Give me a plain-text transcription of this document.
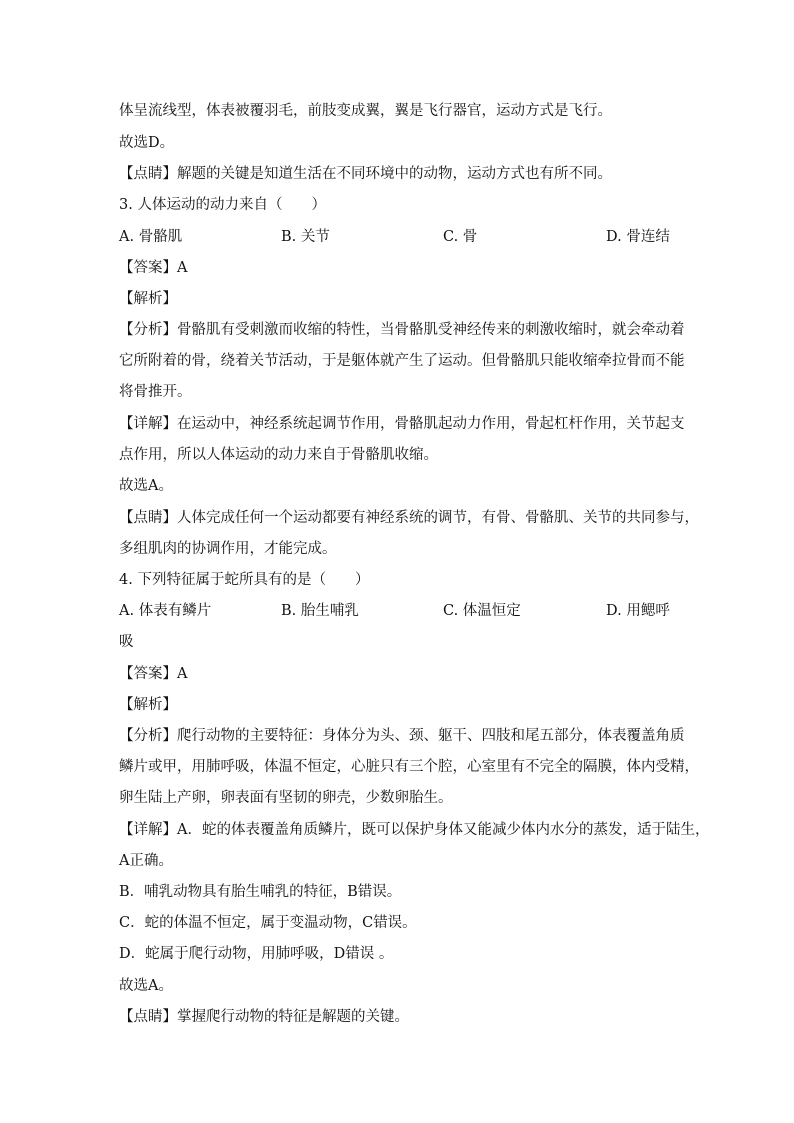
体呈流线型，体表被覆羽毛，前肢变成翼，翼是飞行器官，运动方式是飞行。
故选D。
【点睛】解题的关键是知道生活在不同环境中的动物，运动方式也有所不同。
3. 人体运动的动力来自（　　）
A. 骨骼肌	B. 关节	C. 骨	D. 骨连结
【答案】A
【解析】
【分析】骨骼肌有受刺激而收缩的特性，当骨骼肌受神经传来的刺激收缩时，就会牵动着
它所附着的骨，绕着关节活动，于是躯体就产生了运动。但骨骼肌只能收缩牵拉骨而不能
将骨推开。
【详解】在运动中，神经系统起调节作用，骨骼肌起动力作用，骨起杠杆作用，关节起支
点作用，所以人体运动的动力来自于骨骼肌收缩。
故选A。
【点睛】人体完成任何一个运动都要有神经系统的调节，有骨、骨骼肌、关节的共同参与，
多组肌肉的协调作用，才能完成。
4. 下列特征属于蛇所具有的是（　　）
A. 体表有鳞片	B. 胎生哺乳	C. 体温恒定	D. 用鳃呼
吸
【答案】A
【解析】
【分析】爬行动物的主要特征：身体分为头、颈、躯干、四肢和尾五部分，体表覆盖角质
鳞片或甲，用肺呼吸，体温不恒定，心脏只有三个腔，心室里有不完全的隔膜，体内受精，
卵生陆上产卵，卵表面有坚韧的卵壳，少数卵胎生。
【详解】A．蛇的体表覆盖角质鳞片，既可以保护身体又能减少体内水分的蒸发，适于陆生，
A正确。
B．哺乳动物具有胎生哺乳的特征，B错误。
C．蛇的体温不恒定，属于变温动物，C错误。
D．蛇属于爬行动物，用肺呼吸，D错误 。
故选A。
【点睛】掌握爬行动物的特征是解题的关键。
